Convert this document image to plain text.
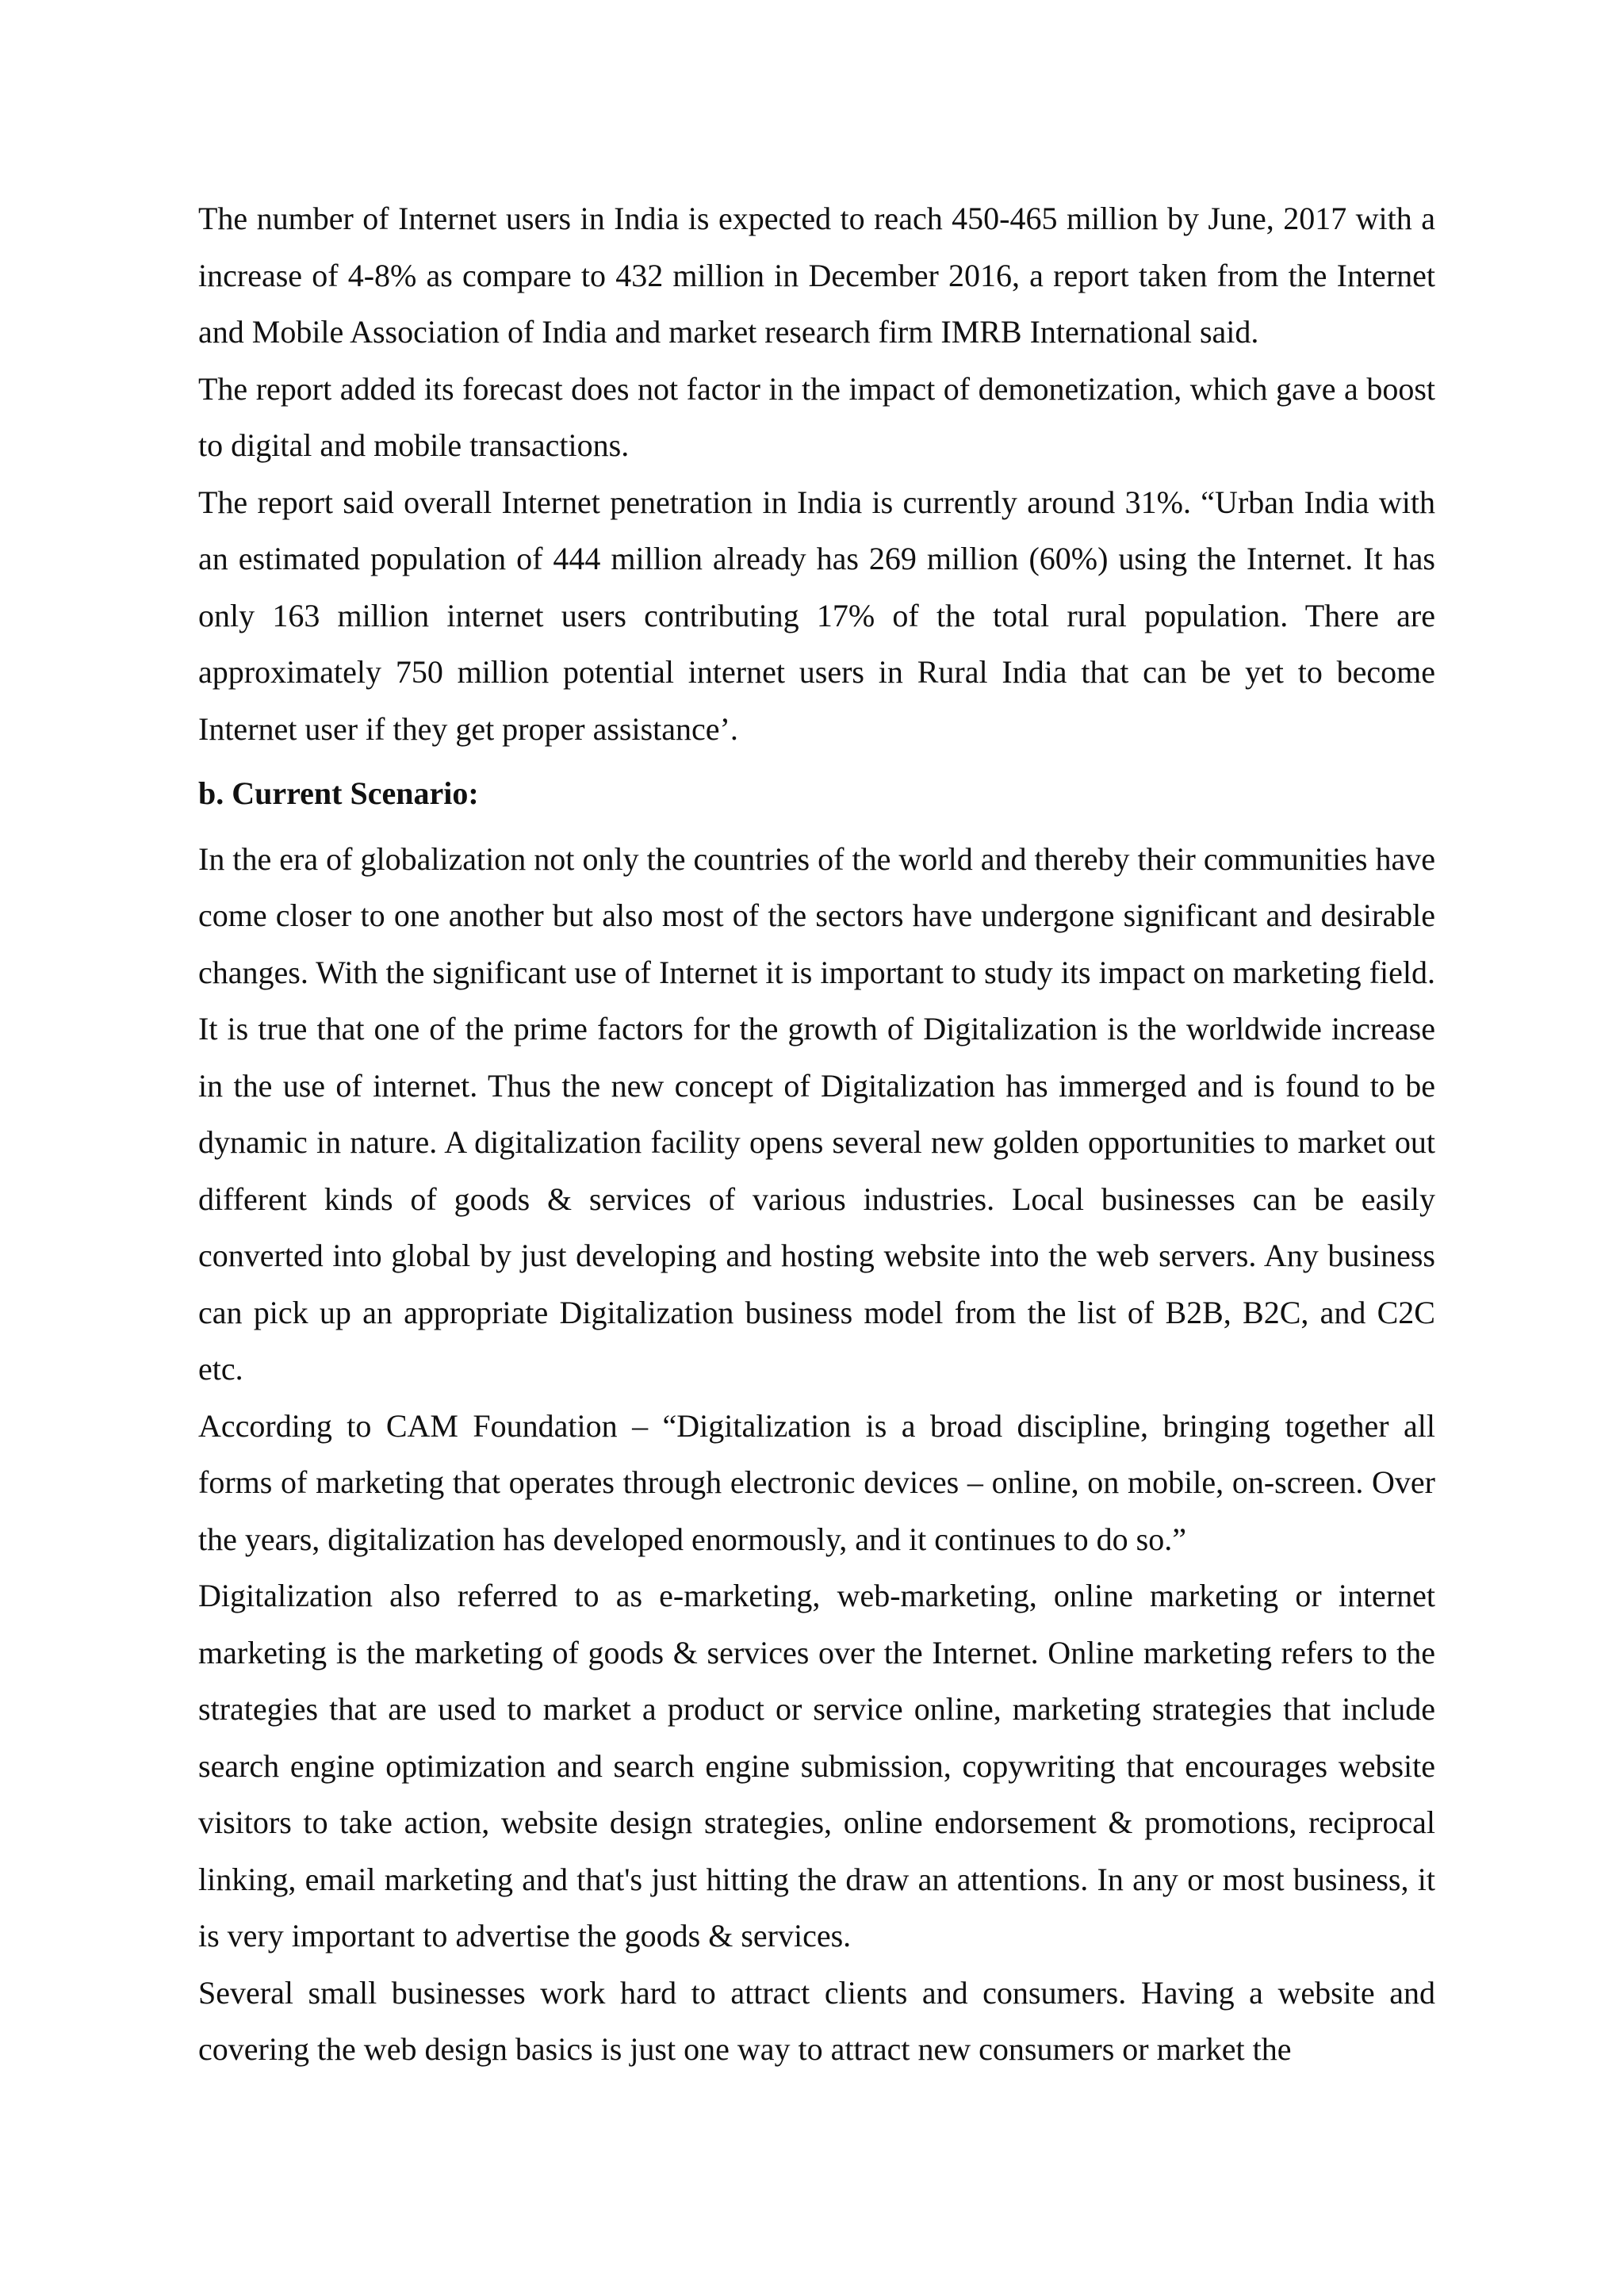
The number of Internet users in India is expected to reach 450-465 million by June, 2017 with a increase of 4-8% as compare to 432 million in December 2016, a report taken from the Internet and Mobile Association of India and market research firm IMRB International said.

The report added its forecast does not factor in the impact of demonetization, which gave a boost to digital and mobile transactions.

The report said overall Internet penetration in India is currently around 31%. “Urban India with an estimated population of 444 million already has 269 million (60%) using the Internet. It has only 163 million internet users contributing 17% of the total rural population. There are approximately 750 million potential internet users in Rural India that can be yet to become Internet user if they get proper assistance’.

b. Current Scenario:

In the era of globalization not only the countries of the world and thereby their communities have come closer to one another but also most of the sectors have undergone significant and desirable changes. With the significant use of Internet it is important to study its impact on marketing field. It is true that one of the prime factors for the growth of Digitalization is the worldwide increase in the use of internet. Thus the new concept of Digitalization has immerged and is found to be dynamic in nature. A digitalization facility opens several new golden opportunities to market out different kinds of goods & services of various industries. Local businesses can be easily converted into global by just developing and hosting website into the web servers. Any business can pick up an appropriate Digitalization business model from the list of B2B, B2C, and C2C etc.

According to CAM Foundation – “Digitalization is a broad discipline, bringing together all forms of marketing that operates through electronic devices – online, on mobile, on-screen. Over the years, digitalization has developed enormously, and it continues to do so.”

Digitalization also referred to as e-marketing, web-marketing, online marketing or internet marketing is the marketing of goods & services over the Internet. Online marketing refers to the strategies that are used to market a product or service online, marketing strategies that include search engine optimization and search engine submission, copywriting that encourages website visitors to take action, website design strategies, online endorsement & promotions, reciprocal linking, email marketing and that's just hitting the draw an attentions. In any or most business, it is very important to advertise the goods & services.

Several small businesses work hard to attract clients and consumers. Having a website and covering the web design basics is just one way to attract new consumers or market the
